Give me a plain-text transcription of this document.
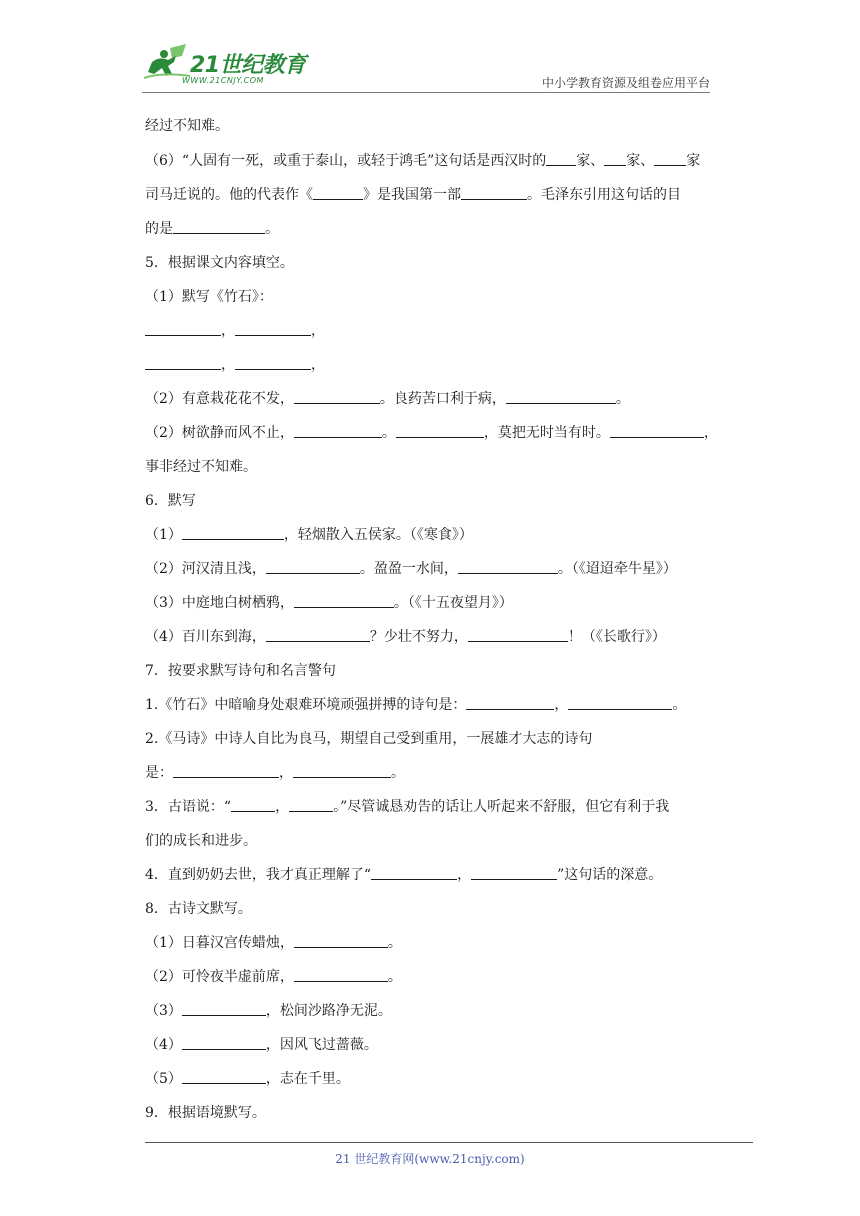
21世纪教育
WWW.21CNJY.COM	中小学教育资源及组卷应用平台
经过不知难。
（6）“人固有一死，或重于泰山，或轻于鸿毛”这句话是西汉时的 家、 家、 家
司马迁说的。他的代表作《	》是我国第一部	。毛泽东引用这句话的目
的是	。
5．根据课文内容填空。
（1）默写《竹石》：
，	，
，	，
（2）有意栽花花不发，	。良药苦口利于病，	。
（2）树欲静而风不止，	。	，莫把无时当有时。	，
事非经过不知难。
6．默写
（1）	，轻烟散入五侯家。（《寒食》）
（2）河汉清且浅，	。盈盈一水间，	。（《迢迢牵牛星》）
（3）中庭地白树栖鸦，	。（《十五夜望月》）
（4）百川东到海，	？少壮不努力，	！（《长歌行》）
7．按要求默写诗句和名言警句
1.《竹石》中暗喻身处艰难环境顽强拼搏的诗句是：	，	。
2.《马诗》中诗人自比为良马，期望自己受到重用，一展雄才大志的诗句
是：	，	。
3．古语说：“	，	。”尽管诚恳劝告的话让人听起来不舒服，但它有利于我
们的成长和进步。
4．直到奶奶去世，我才真正理解了“	，	”这句话的深意。
8．古诗文默写。
（1）日暮汉宫传蜡烛，	。
（2）可怜夜半虚前席，	。
（3）	，松间沙路净无泥。
（4）	，因风飞过蔷薇。
（5）	，志在千里。
9．根据语境默写。
21 世纪教育网(www.21cnjy.com)
